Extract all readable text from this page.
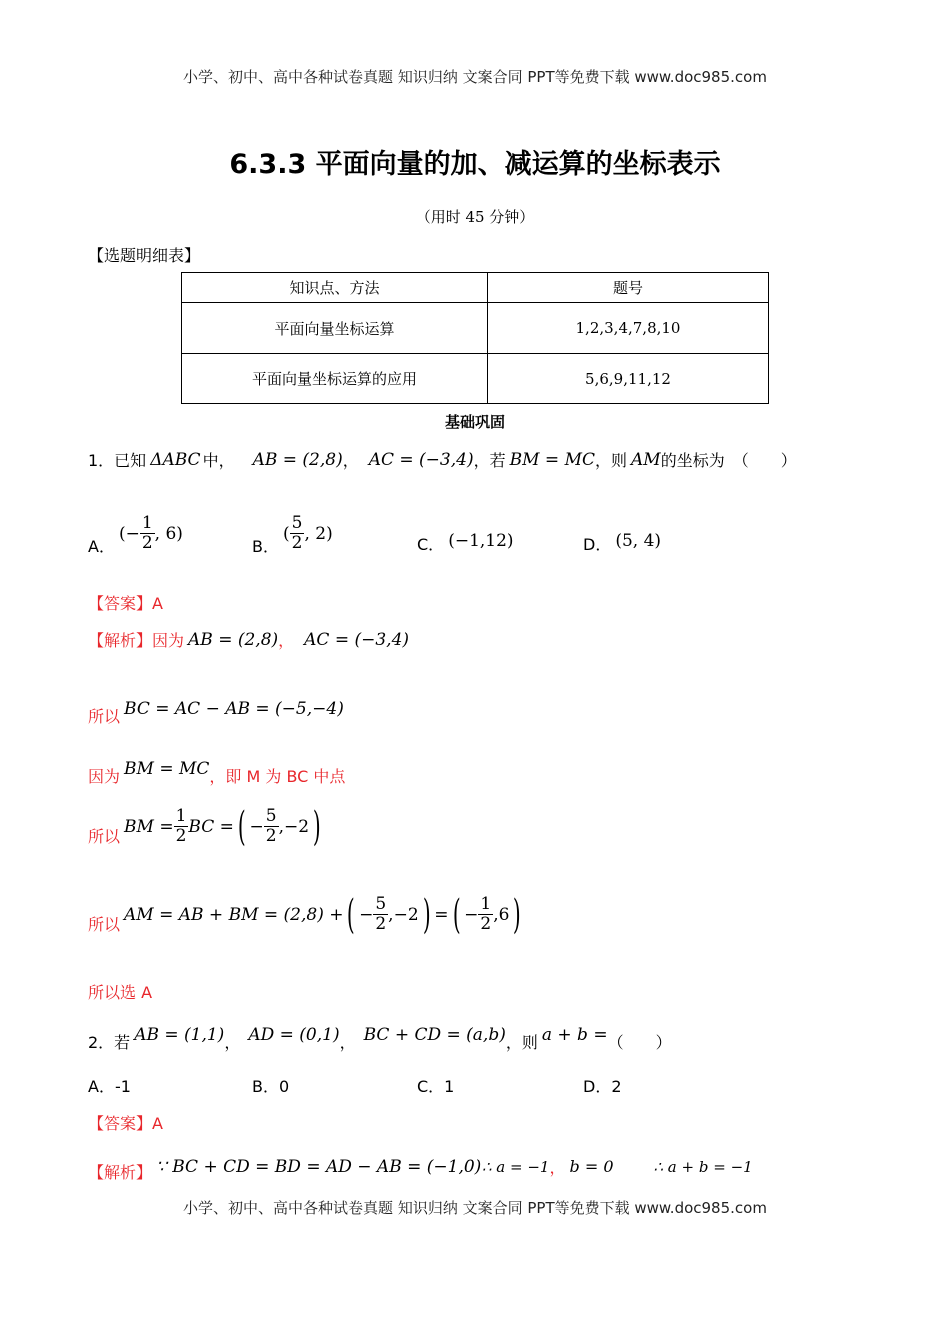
小学、初中、高中各种试卷真题 知识归纳 文案合同 PPT等免费下载 www.doc985.com
6.3.3 平面向量的加、减运算的坐标表示
（用时 45 分钟）
【选题明细表】
知识点、方法	题号
平面向量坐标运算	1,2,3,4,7,8,10
平面向量坐标运算的应用	5,6,9,11,12
基础巩固
1．已知 ΔABC 中， AB = (2,8) ， AC = (−3,4) ，若 BM = MC ，则 AM 的坐标为　（　　）
A．
(− $\frac{1}{2}$ , 6)
B．
( $\frac{5}{2}$ , 2)
C． (−1,12)	D． (5, 4)
【答案】A
【解析】因为 AB = (2,8) ， AC = (−3,4)
所以 BC = AC − AB = (−5,−4)
因为 BM = MC ，即 M 为 BC 中点
所以 BM = $\frac{1}{2}$ BC = ( − $\frac{5}{2} ,-2$ )
所以 AM = AB + BM = (2,8) + ( − $\frac{5}{2} ,-2$ ) = ( − $\frac{1}{2} ,6$ )
所以选 A
2．若 AB = (1,1) ， AD = (0,1) ， BC + CD = (a,b) ，则 a + b = （　　）
A．-1	B．0	C．1	D．2
【答案】A
【解析】 ∵ BC + CD = BD = AD − AB = (−1,0) ∴ a = −1 ， b = 0	∴ a + b = −1
小学、初中、高中各种试卷真题 知识归纳 文案合同 PPT等免费下载 www.doc985.com
